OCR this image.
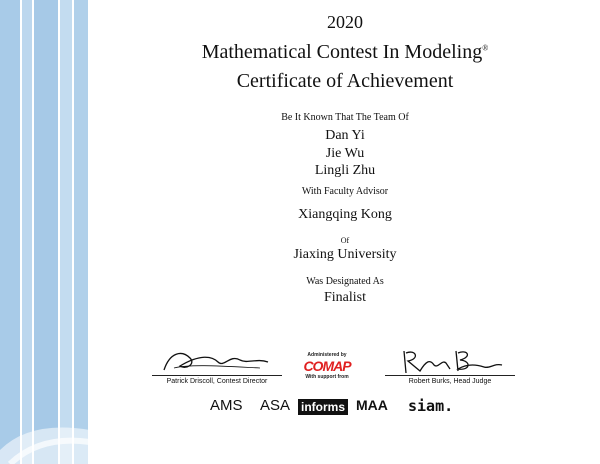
2020
Mathematical Contest In Modeling®
Certificate of Achievement
Be It Known That The Team Of
Dan Yi
Jie Wu
Lingli Zhu
With Faculty Advisor
Xiangqing Kong
Of
Jiaxing University
Was Designated As
Finalist
Patrick Driscoll, Contest Director
Administered by
COMAP
With support from
Robert Burks, Head Judge
AMS ASA informs MAA siam.
